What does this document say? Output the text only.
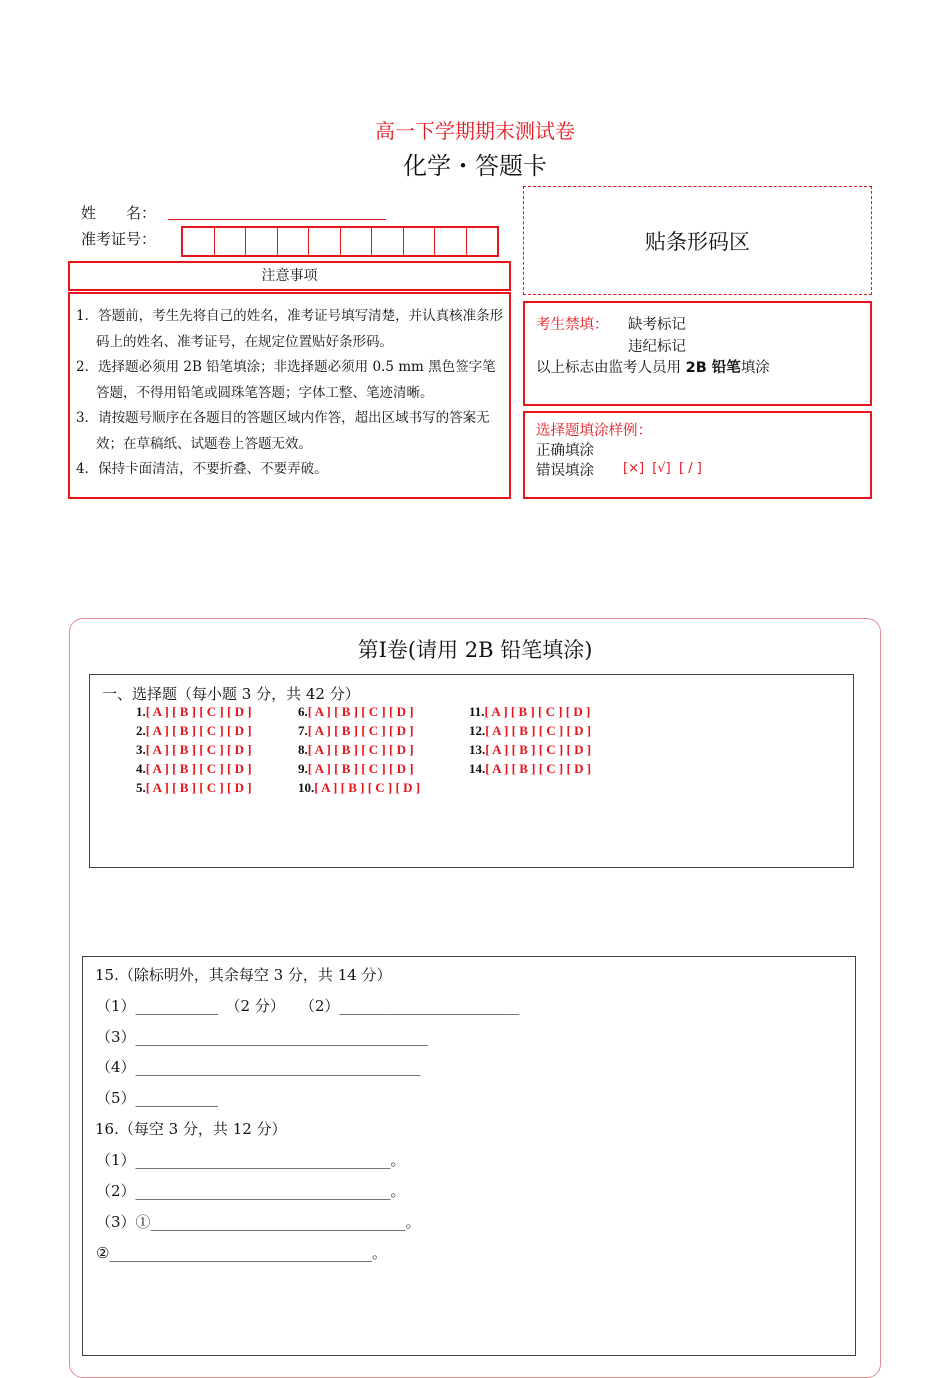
高一下学期期末测试卷
化学・答题卡
姓　　名：
准考证号：
注意事项

1．答题前，考生先将自己的姓名，准考证号填写清楚，并认真核准条形码上的姓名、准考证号，在规定位置贴好条形码。

2．选择题必须用 2B 铅笔填涂；非选择题必须用 0.5 mm 黑色签字笔答题，不得用铅笔或圆珠笔答题；字体工整、笔迹清晰。

3．请按题号顺序在各题目的答题区域内作答，超出区域书写的答案无效；在草稿纸、试题卷上答题无效。

4．保持卡面清洁，不要折叠、不要弄破。

贴条形码区
考生禁填： 缺考标记
违纪标记
以上标志由监考人员用 2B 铅笔填涂
选择题填涂样例：
正确填涂
错误填涂 [×]  [√]  [ / ]
第Ⅰ卷(请用 2B 铅笔填涂)
一、选择题（每小题 3 分，共 42 分）
1.[ A ] [ B ] [ C ] [ D ]
2.[ A ] [ B ] [ C ] [ D ]
3.[ A ] [ B ] [ C ] [ D ]
4.[ A ] [ B ] [ C ] [ D ]
5.[ A ] [ B ] [ C ] [ D ]
6.[ A ] [ B ] [ C ] [ D ]
7.[ A ] [ B ] [ C ] [ D ]
8.[ A ] [ B ] [ C ] [ D ]
9.[ A ] [ B ] [ C ] [ D ]
10.[ A ] [ B ] [ C ] [ D ]
11.[ A ] [ B ] [ C ] [ D ]
12.[ A ] [ B ] [ C ] [ D ]
13.[ A ] [ B ] [ C ] [ D ]
14.[ A ] [ B ] [ C ] [ D ]
15.（除标明外，其余每空 3 分，共 14 分）
（1）___________　（2 分）　　（2）________________________
（3）_______________________________________
（4）______________________________________
（5）___________
16.（每空 3 分，共 12 分）
（1）__________________________________。
（2）__________________________________。
（3）①__________________________________。
②___________________________________。
